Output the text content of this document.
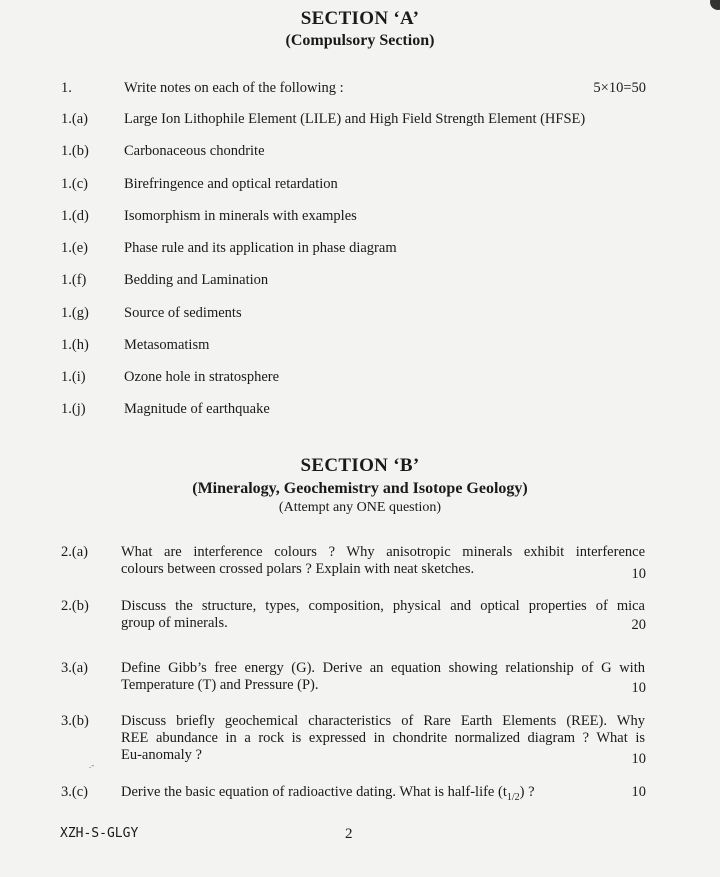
SECTION ‘A’
(Compulsory Section)
1.	Write notes on each of the following :	5×10=50
1.(a) Large Ion Lithophile Element (LILE) and High Field Strength Element (HFSE)
1.(b) Carbonaceous chondrite
1.(c) Birefringence and optical retardation
1.(d) Isomorphism in minerals with examples
1.(e) Phase rule and its application in phase diagram
1.(f)	Bedding and Lamination
1.(g) Source of sediments
1.(h) Metasomatism
1.(i)	Ozone hole in stratosphere
1.(j)	Magnitude of earthquake
SECTION ‘B’
(Mineralogy, Geochemistry and Isotope Geology)
(Attempt any ONE question)
2.(a) What are interference colours ? Why anisotropic minerals exhibit interference
colours between crossed polars ? Explain with neat sketches.	10
2.(b) Discuss the structure, types, composition, physical and optical properties of mica
group of minerals.	20
3.(a) Define Gibb’s free energy (G). Derive an equation showing relationship of G with
Temperature (T) and Pressure (P).	10
3.(b) Discuss briefly geochemical characteristics of Rare Earth Elements (REE). Why
REE abundance in a rock is expressed in chondrite normalized diagram ? What is
Eu-anomaly ?	10
.‑
3.(c) Derive the basic equation of radioactive dating. What is half-life $(t_{1/2})$ ?	10
XZH-S-GLGY	2
